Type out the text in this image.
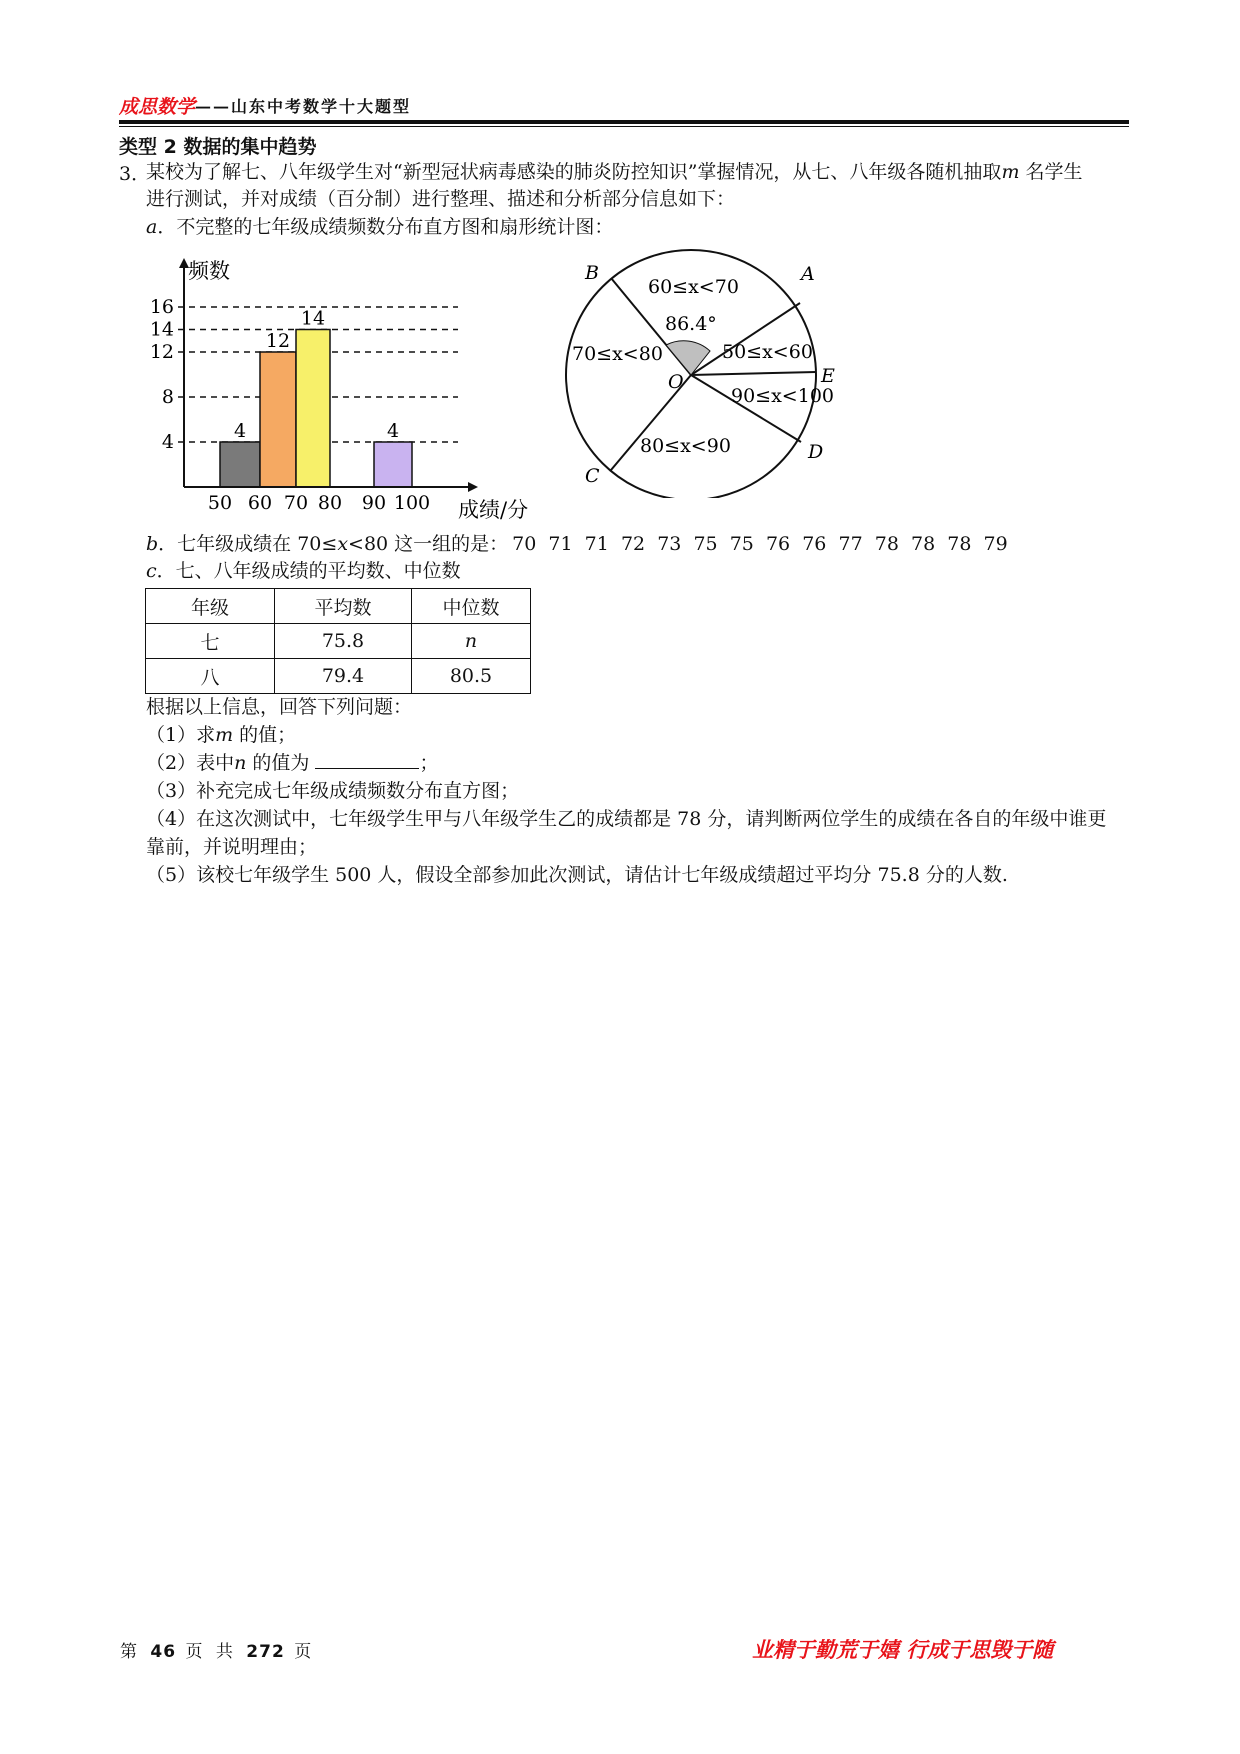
成思数学 ——山东中考数学十大题型
类型 2 数据的集中趋势
3．
某校为了解七、八年级学生对“新型冠状病毒感染的肺炎防控知识”掌握情况，从七、八年级各随机抽取m 名学生
进行测试，并对成绩（百分制）进行整理、描述和分析部分信息如下：
a．不完整的七年级成绩频数分布直方图和扇形统计图：
4
12
14
4
4
8
12
14
16
50 60 70 80 90 100
频数
成绩/分
86.4°
O
A
B
C
D
E
60≤x<70
70≤x<80	50≤x<60
90≤x<100
80≤x<90
b．七年级成绩在 70≤x<80 这一组的是： 70  71  71  72  73  75  75  76  76  77  78  78  78  79
c．七、八年级成绩的平均数、中位数
年级	平均数	中位数
七	75.8	n
八	79.4	80.5
根据以上信息，回答下列问题：
（1）求m 的值；
（2）表中n 的值为	；
（3）补充完成七年级成绩频数分布直方图；
（4）在这次测试中，七年级学生甲与八年级学生乙的成绩都是 78 分，请判断两位学生的成绩在各自的年级中谁更
靠前，并说明理由；
（5）该校七年级学生 500 人，假设全部参加此次测试，请估计七年级成绩超过平均分 75.8 分的人数.
第 46 页 共 272 页	业精于勤荒于嬉 行成于思毁于随
